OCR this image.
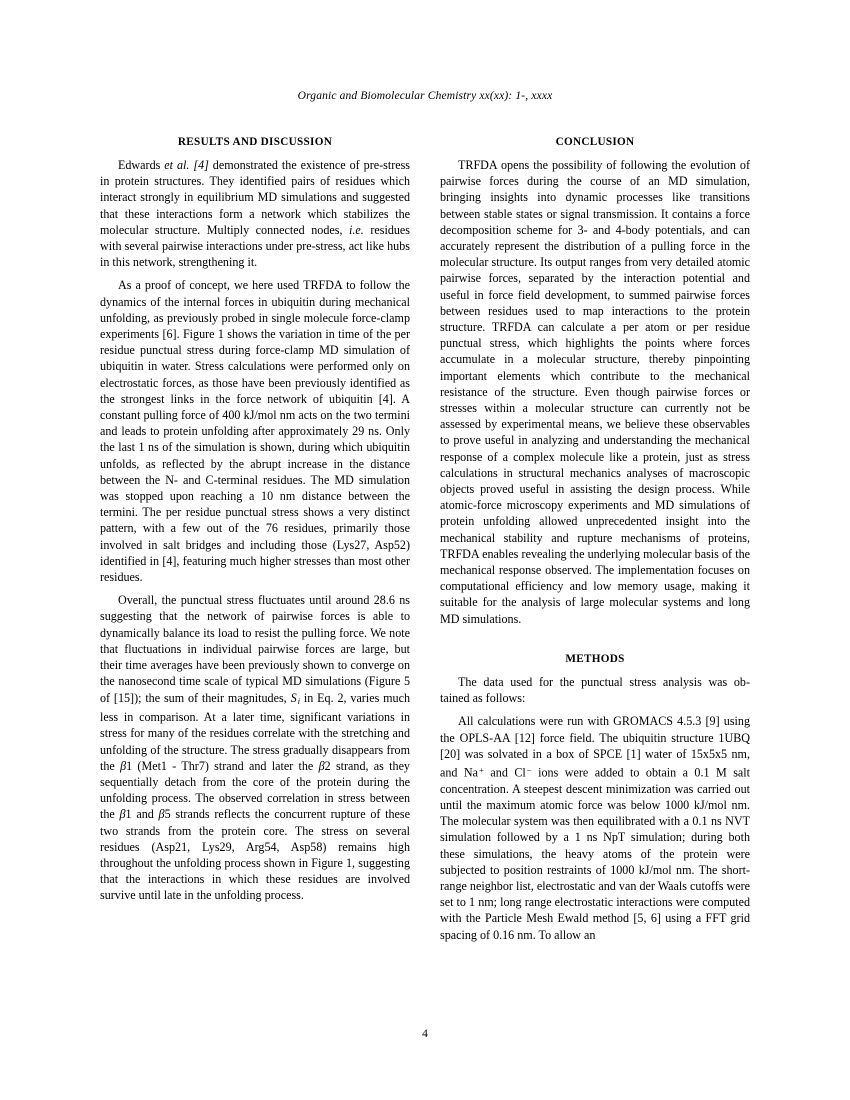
Organic and Biomolecular Chemistry xx(xx): 1-, xxxx
RESULTS AND DISCUSSION

Edwards et al. [4] demonstrated the existence of pre-stress in protein structures. They identified pairs of residues which interact strongly in equilibrium MD simulations and suggested that these interactions form a network which stabilizes the molecular structure. Multiply connected nodes, i.e. residues with several pairwise interactions under pre-stress, act like hubs in this network, strengthening it.

As a proof of concept, we here used TRFDA to follow the dynamics of the internal forces in ubiquitin during mechanical unfolding, as previously probed in single molecule force-clamp experiments [6]. Figure 1 shows the variation in time of the per residue punctual stress during force-clamp MD simulation of ubiquitin in water. Stress calculations were performed only on electrostatic forces, as those have been previously identified as the strongest links in the force network of ubiquitin [4]. A constant pulling force of 400 kJ/mol nm acts on the two termini and leads to protein unfolding after approximately 29 ns. Only the last 1 ns of the simulation is shown, during which ubiquitin unfolds, as reflected by the abrupt increase in the distance between the N- and C-terminal residues. The MD simulation was stopped upon reaching a 10 nm distance between the termini. The per residue punctual stress shows a very distinct pattern, with a few out of the 76 residues, primarily those involved in salt bridges and including those (Lys27, Asp52) identified in [4], featuring much higher stresses than most other residues.

Overall, the punctual stress fluctuates until around 28.6 ns suggesting that the network of pairwise forces is able to dynamically balance its load to resist the pulling force. We note that fluctuations in individual pairwise forces are large, but their time averages have been previously shown to converge on the nanosecond time scale of typical MD simulations (Figure 5 of [15]); the sum of their magnitudes, $S_i$ in Eq. 2, varies much less in comparison. At a later time, significant variations in stress for many of the residues correlate with the stretching and unfolding of the structure. The stress gradually disappears from the β1 (Met1 - Thr7) strand and later the β2 strand, as they sequentially detach from the core of the protein during the unfolding process. The observed correlation in stress between the β1 and β5 strands reflects the concurrent rupture of these two strands from the protein core. The stress on several residues (Asp21, Lys29, Arg54, Asp58) remains high throughout the unfolding process shown in Figure 1, suggesting that the interactions in which these residues are involved survive until late in the unfolding process.

CONCLUSION

TRFDA opens the possibility of following the evolution of pairwise forces during the course of an MD simulation, bringing insights into dynamic processes like transitions between stable states or signal transmission. It contains a force decomposition scheme for 3- and 4-body potentials, and can accurately represent the distribution of a pulling force in the molecular structure. Its output ranges from very detailed atomic pairwise forces, separated by the interaction potential and useful in force field development, to summed pairwise forces between residues used to map interactions to the protein structure. TRFDA can calculate a per atom or per residue punctual stress, which highlights the points where forces accumulate in a molecular structure, thereby pinpointing important elements which contribute to the mechanical resistance of the structure. Even though pairwise forces or stresses within a molecular structure can currently not be assessed by experimental means, we believe these observables to prove useful in analyzing and understanding the mechanical response of a complex molecule like a protein, just as stress calculations in structural mechanics analyses of macroscopic objects proved useful in assisting the design process. While atomic-force microscopy experiments and MD simulations of protein unfolding allowed unprecedented insight into the mechanical stability and rupture mechanisms of proteins, TRFDA enables revealing the underlying molecular basis of the mechanical response observed. The implementation focuses on computational efficiency and low memory usage, making it suitable for the analysis of large molecular systems and long MD simulations.

METHODS

The data used for the punctual stress analysis was ob- tained as follows:

All calculations were run with GROMACS 4.5.3 [9] using the OPLS-AA [12] force field. The ubiquitin structure 1UBQ [20] was solvated in a box of SPCE [1] water of 15x5x5 nm, and Na+ and Cl− ions were added to obtain a 0.1 M salt concentration. A steepest descent minimization was carried out until the maximum atomic force was below 1000 kJ/mol nm. The molecular system was then equilibrated with a 0.1 ns NVT simulation followed by a 1 ns NpT simulation; during both these simulations, the heavy atoms of the protein were subjected to position restraints of 1000 kJ/mol nm. The short-range neighbor list, electrostatic and van der Waals cutoffs were set to 1 nm; long range electrostatic interactions were computed with the Particle Mesh Ewald method [5, 6] using a FFT grid spacing of 0.16 nm. To allow an

4
